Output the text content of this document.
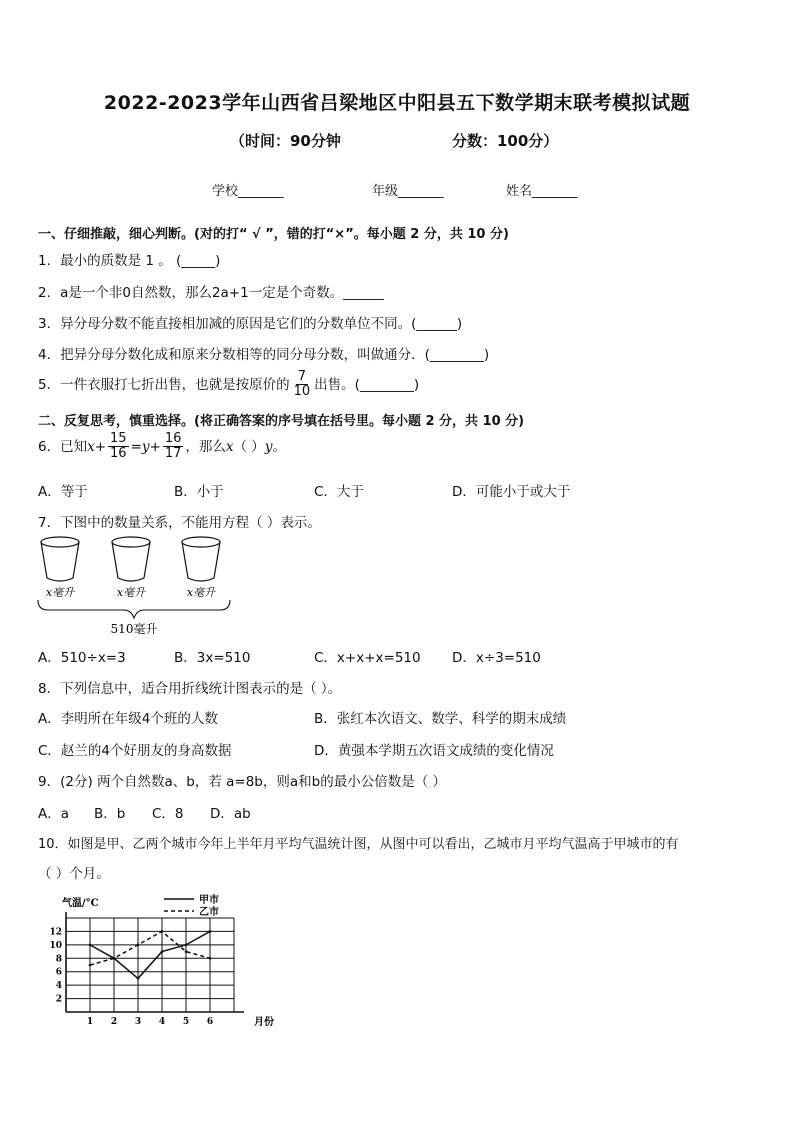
2022-2023学年山西省吕梁地区中阳县五下数学期末联考模拟试题
（时间：90分钟	分数：100分）
学校_______	年级_______	姓名_______
一、仔细推敲，细心判断。(对的打“ √ ”，错的打“×”。每小题 2 分，共 10 分)
1．最小的质数是 1 。 (_____)
2．a是一个非0自然数，那么2a+1一定是个奇数。______
3．异分母分数不能直接相加减的原因是它们的分数单位不同。(______)
4．把异分母分数化成和原来分数相等的同分母分数，叫做通分．(________)
5．一件衣服打七折出售，也就是按原价的 $\frac{7}{10}$ 出售。(________)
二、反复思考，慎重选择。(将正确答案的序号填在括号里。每小题 2 分，共 10 分)
6．已知$x+ \frac{15}{16} =y+ \frac{16}{17}$ ，那么x（ ）y。
A．等于	B．小于	C．大于	D．可能小于或大于
7．下图中的数量关系，不能用方程（ ）表示。
x毫升	x毫升	x毫升
510毫升
A．510÷x=3	B．3x=510	C．x+x+x=510 D．x÷3=510
8．下列信息中，适合用折线统计图表示的是（ ）。
A．李明所在年级4个班的人数	B．张红本次语文、数学、科学的期末成绩
C．赵兰的4个好朋友的身高数据	D．黄强本学期五次语文成绩的变化情况
9．(2分) 两个自然数a、b，若 a=8b，则a和b的最小公倍数是（ ）
A．a B．b C．8 D．ab
10．如图是甲、乙两个城市今年上半年月平均气温统计图，从图中可以看出，乙城市月平均气温高于甲城市的有
（ ）个月。
12
10
8
6
4
2
1 2 3 4 5 6
气温/°C
月份
甲市
乙市
